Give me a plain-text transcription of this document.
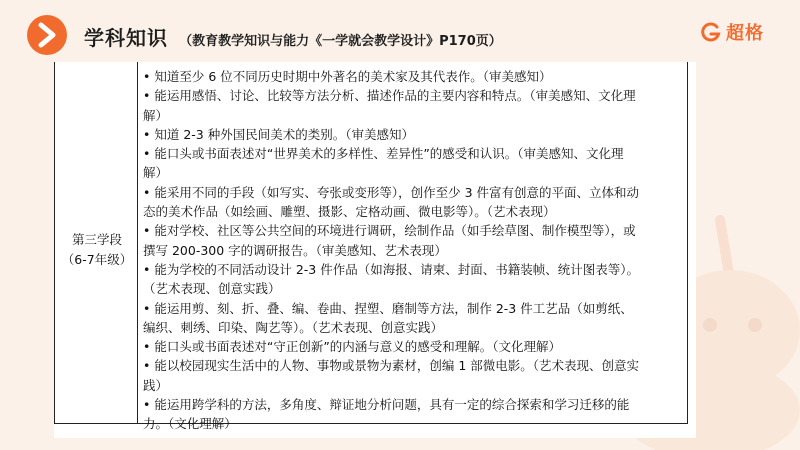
学科知识 （教育教学知识与能力《一学就会教学设计》P170页）	超格
第三学段
（6-7年级）
• 知道至少 6 位不同历史时期中外著名的美术家及其代表作。（审美感知）
• 能运用感悟、讨论、比较等方法分析、描述作品的主要内容和特点。（审美感知、文化理
解）
• 知道 2-3 种外国民间美术的类别。（审美感知）
• 能口头或书面表述对“世界美术的多样性、差异性”的感受和认识。（审美感知、文化理
解）
• 能采用不同的手段（如写实、夸张或变形等），创作至少 3 件富有创意的平面、立体和动
态的美术作品（如绘画、雕塑、摄影、定格动画、微电影等）。（艺术表现）
• 能对学校、社区等公共空间的环境进行调研，绘制作品（如手绘草图、制作模型等），或
撰写 200-300 字的调研报告。（审美感知、艺术表现）
• 能为学校的不同活动设计 2-3 件作品（如海报、请柬、封面、书籍装帧、统计图表等）。
（艺术表现、创意实践）
• 能运用剪、刻、折、叠、编、卷曲、捏塑、磨制等方法，制作 2-3 件工艺品（如剪纸、
编织、刺绣、印染、陶艺等）。（艺术表现、创意实践）
• 能口头或书面表述对“守正创新”的内涵与意义的感受和理解。（文化理解）
• 能以校园现实生活中的人物、事物或景物为素材，创编 1 部微电影。（艺术表现、创意实
践）
• 能运用跨学科的方法，多角度、辩证地分析问题，具有一定的综合探索和学习迁移的能
力。（文化理解）
